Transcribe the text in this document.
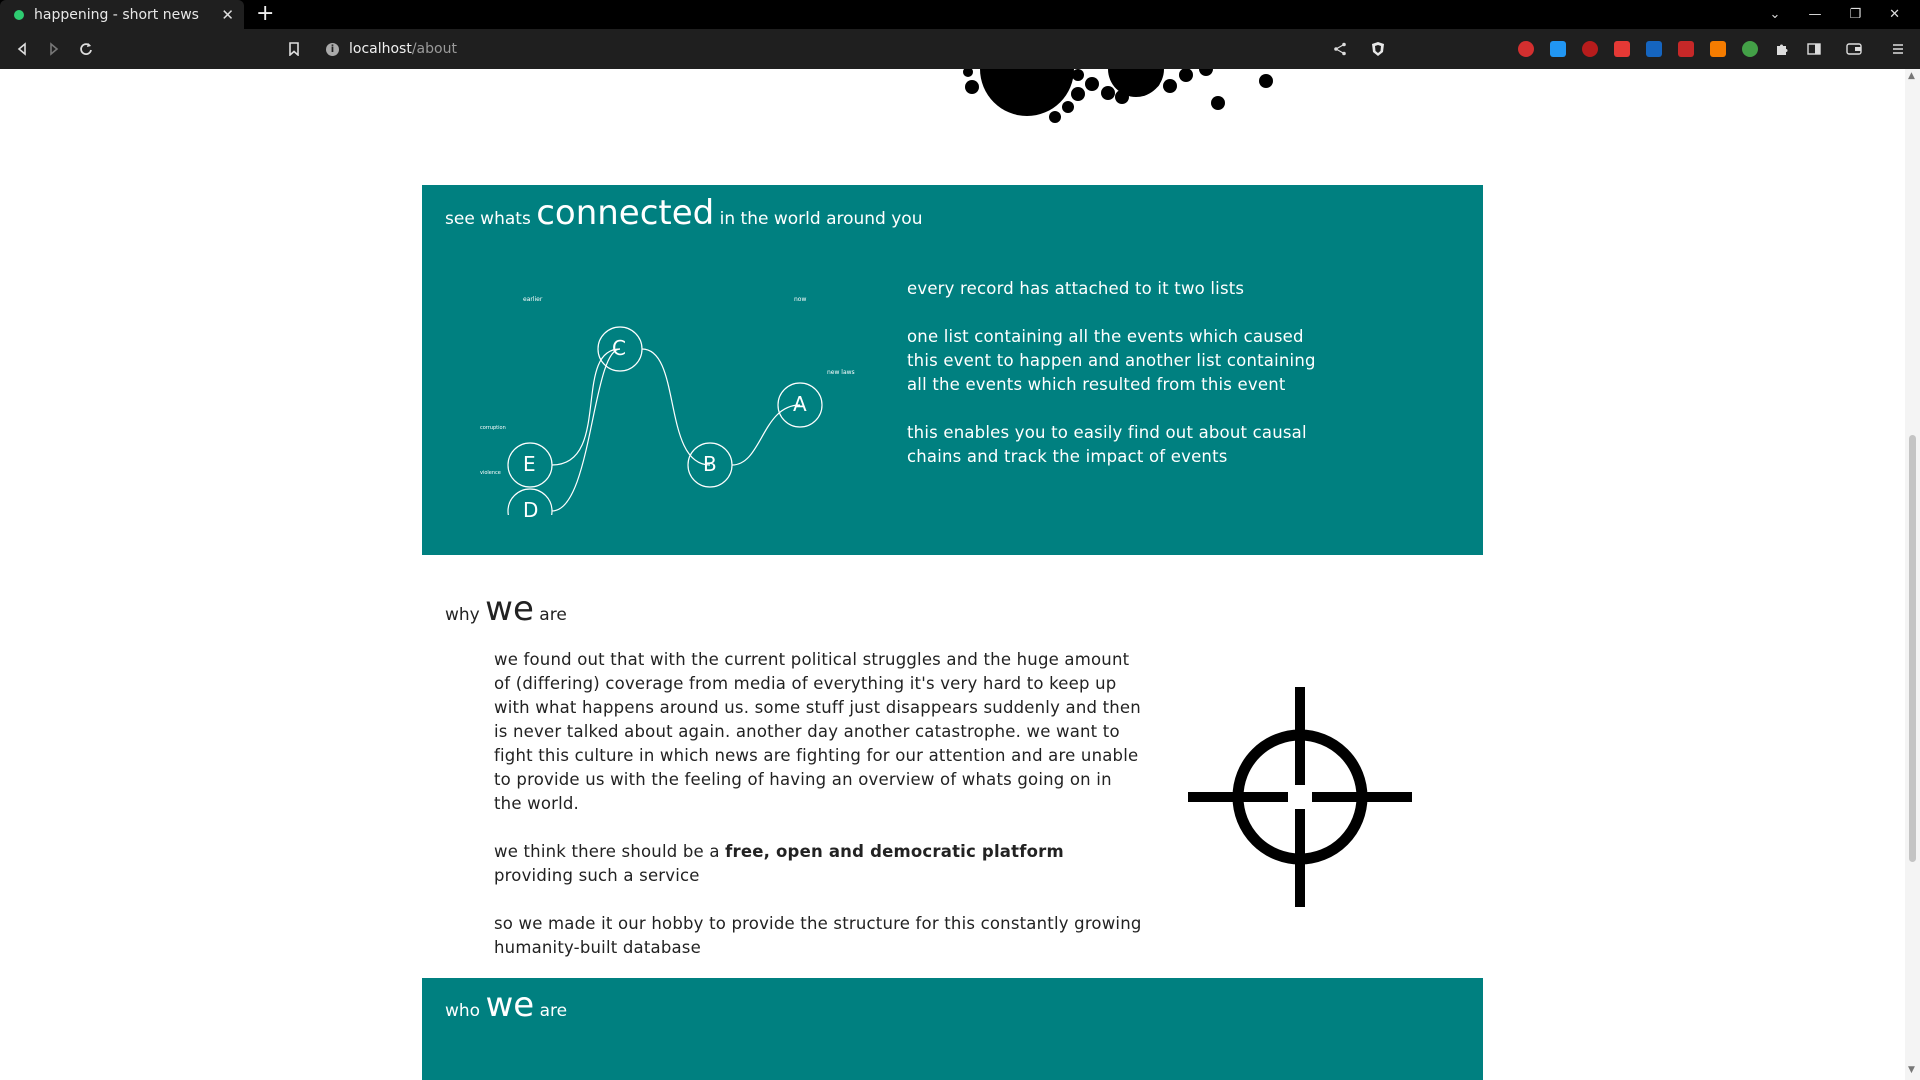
happening - short news	✕ +	⌄ — ❐ ✕
i	localhost /about
see whats connected in the world around you
earlier	now
new laws
corruption
violence
C
A
E	B
D

every record has attached to it two lists

one list containing all the events which caused this event to happen and another list containing all the events which resulted from this event

this enables you to easily find out about causal chains and track the impact of events

why we are

we found out that with the current political struggles and the huge amount of (differing) coverage from media of everything it's very hard to keep up with what happens around us. some stuff just disappears suddenly and then is never talked about again. another day another catastrophe. we want to fight this culture in which news are fighting for our attention and are unable to provide us with the feeling of having an overview of whats going on in the world.

we think there should be a free, open and democratic platform providing such a service

so we made it our hobby to provide the structure for this constantly growing humanity-built database

who we are
▲
▼
